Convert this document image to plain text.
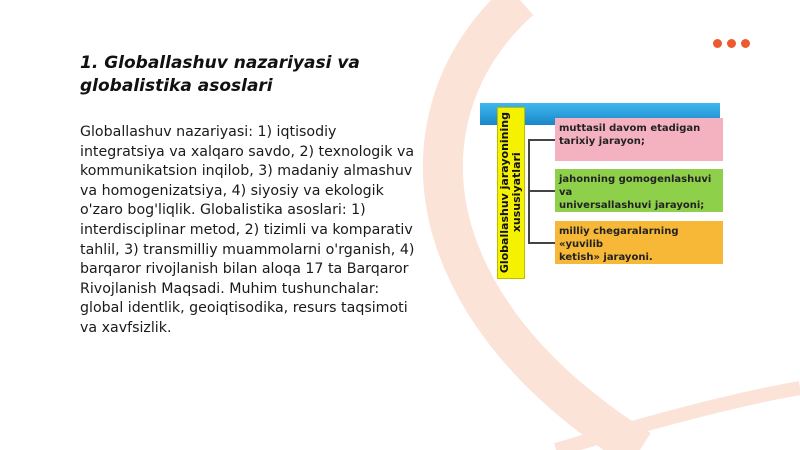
1. Globallashuv nazariyasi va globalistika asoslari

Globallashuv nazariyasi: 1) iqtisodiy integratsiya va xalqaro savdo, 2) texnologik va kommunikatsion inqilob, 3) madaniy almashuv va homogenizatsiya, 4) siyosiy va ekologik o'zaro bog'liqlik. Globalistika asoslari: 1) interdisciplinar metod, 2) tizimli va komparativ tahlil, 3) transmilliy muammolarni o'rganish, 4) barqaror rivojlanish bilan aloqa 17 ta Barqaror Rivojlanish Maqsadi. Muhim tushunchalar: global identlik, geoiqtisodika, resurs taqsimoti va xavfsizlik.

Globallashuv jarayonining
xususiyatlari
muttasil davom etadigan
tarixiy jarayon;
jahonning gomogenlashuvi va
universallashuvi jarayoni;
milliy chegaralarning «yuvilib
ketish» jarayoni.
